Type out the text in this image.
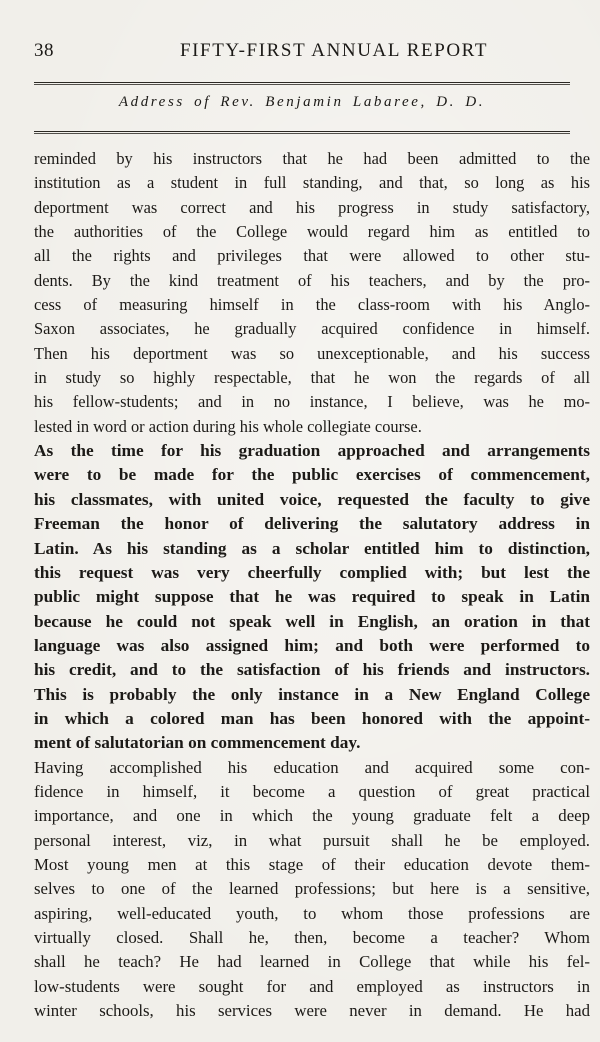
38	FIFTY-FIRST ANNUAL REPORT
Address of Rev. Benjamin Labaree, D. D.
reminded by his instructors that he had been admitted to the
institution as a student in full standing, and that, so long as his
deportment was correct and his progress in study satisfactory,
the authorities of the College would regard him as entitled to
all the rights and privileges that were allowed to other stu-
dents. By the kind treatment of his teachers, and by the pro-
cess of measuring himself in the class-room with his Anglo-
Saxon associates, he gradually acquired confidence in himself.
Then his deportment was so unexceptionable, and his success
in study so highly respectable, that he won the regards of all
his fellow-students; and in no instance, I believe, was he mo-
lested in word or action during his whole collegiate course.
As the time for his graduation approached and arrangements
were to be made for the public exercises of commencement,
his classmates, with united voice, requested the faculty to give
Freeman the honor of delivering the salutatory address in
Latin. As his standing as a scholar entitled him to distinction,
this request was very cheerfully complied with; but lest the
public might suppose that he was required to speak in Latin
because he could not speak well in English, an oration in that
language was also assigned him; and both were performed to
his credit, and to the satisfaction of his friends and instructors.
This is probably the only instance in a New England College
in which a colored man has been honored with the appoint-
ment of salutatorian on commencement day.
Having accomplished his education and acquired some con-
fidence in himself, it become a question of great practical
importance, and one in which the young graduate felt a deep
personal interest, viz, in what pursuit shall he be employed.
Most young men at this stage of their education devote them-
selves to one of the learned professions; but here is a sensitive,
aspiring, well-educated youth, to whom those professions are
virtually closed. Shall he, then, become a teacher? Whom
shall he teach? He had learned in College that while his fel-
low-students were sought for and employed as instructors in
winter schools, his services were never in demand. He had
